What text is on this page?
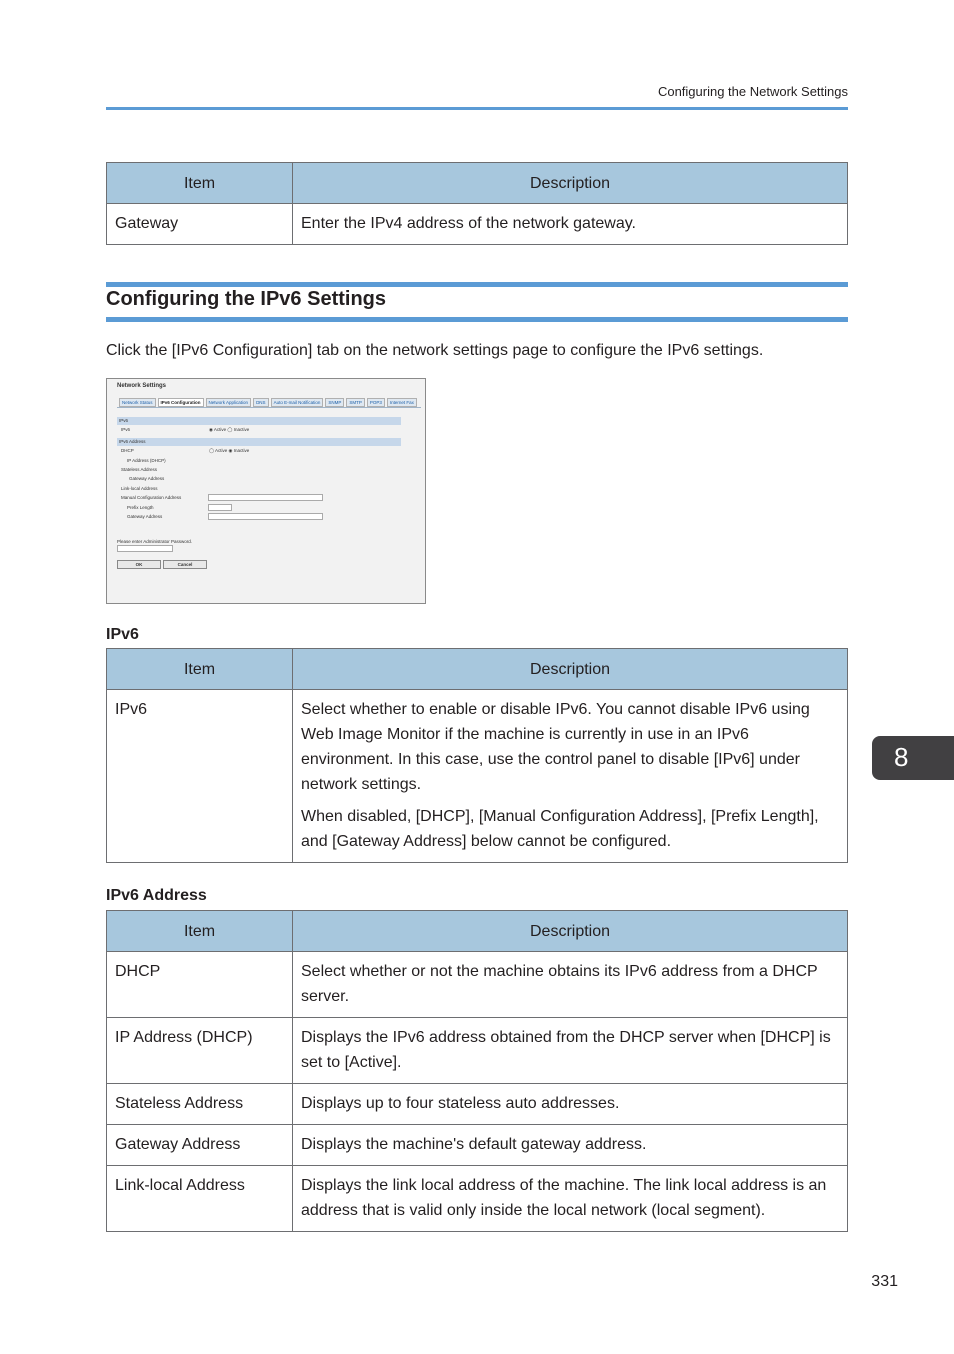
Configuring the Network Settings
Item	Description
Gateway	Enter the IPv4 address of the network gateway.
Configuring the IPv6 Settings
Click the [IPv6 Configuration] tab on the network settings page to configure the IPv6 settings.
Network Settings
Network Status	IPv6 Configuration	Network Application	DNS	Auto E-mail Notification	SNMP	SMTP	POP3	Internet Fax
IPv6
IPv6	◉ Active ◯ Inactive
IPv6 Address
DHCP	◯ Active ◉ Inactive
IP Address (DHCP)
Stateless Address
Gateway Address
Link-local Address
Manual Configuration Address
Prefix Length
Gateway Address
Please enter Administrator Password.
OK	Cancel
IPv6
Item	Description
IPv6	Select whether to enable or disable IPv6. You cannot disable IPv6 using Web Image Monitor if the machine is currently in use in an IPv6 environment. In this case, use the control panel to disable [IPv6] under network settings.

When disabled, [DHCP], [Manual Configuration Address], [Prefix Length], and [Gateway Address] below cannot be configured.

IPv6 Address
Item	Description
DHCP	Select whether or not the machine obtains its IPv6 address from a DHCP server.
IP Address (DHCP)	Displays the IPv6 address obtained from the DHCP server when [DHCP] is set to [Active].
Stateless Address	Displays up to four stateless auto addresses.
Gateway Address	Displays the machine's default gateway address.
Link-local Address	Displays the link local address of the machine. The link local address is an address that is valid only inside the local network (local segment).
8
331
